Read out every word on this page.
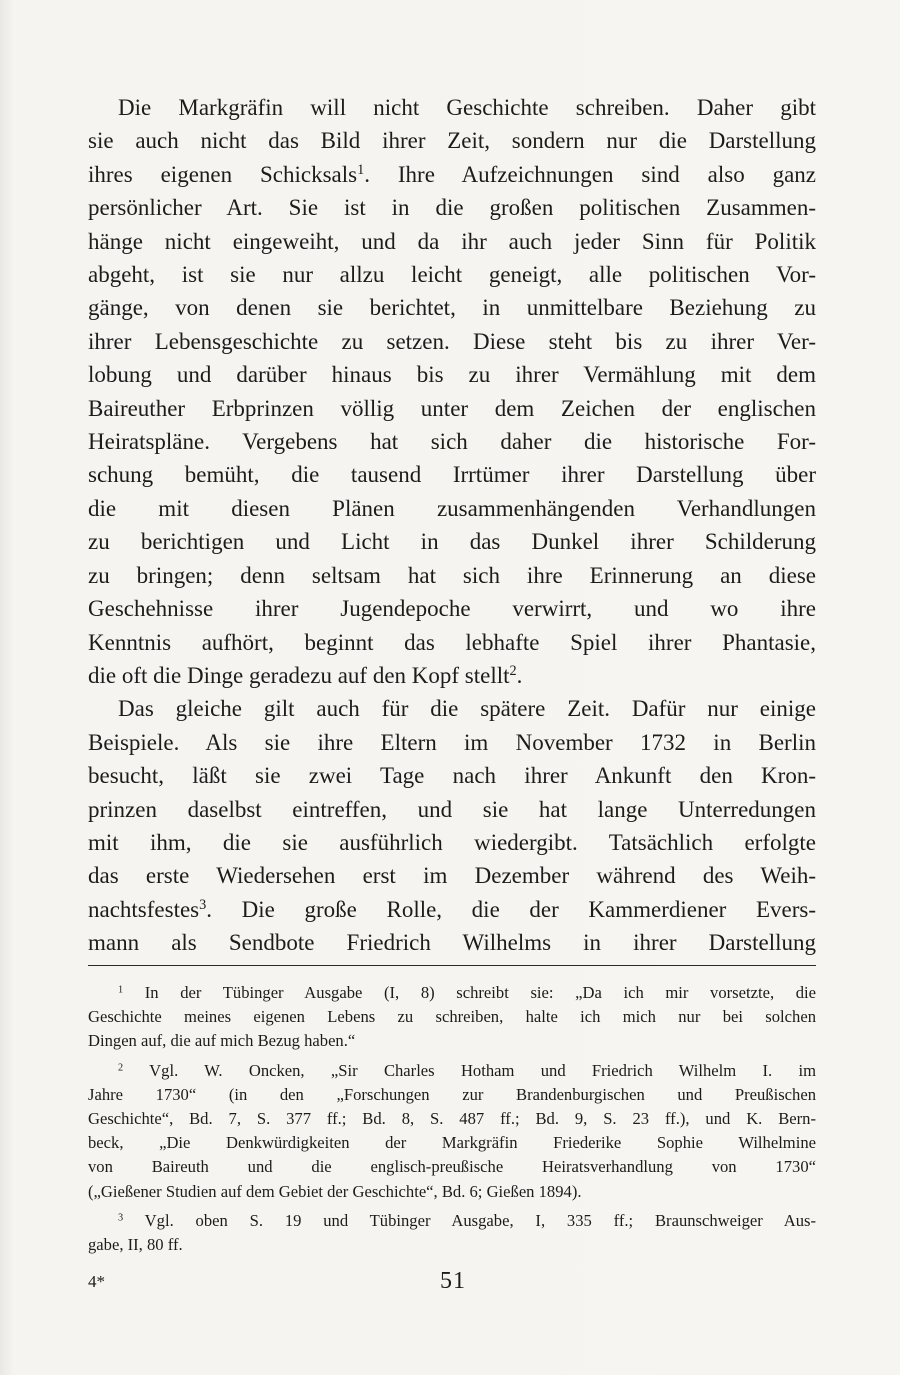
Die Markgräfin will nicht Geschichte schreiben. Daher gibt
sie auch nicht das Bild ihrer Zeit, sondern nur die Darstellung
ihres eigenen Schicksals$^1$. Ihre Aufzeichnungen sind also ganz
persönlicher Art. Sie ist in die großen politischen Zusammen-
hänge nicht eingeweiht, und da ihr auch jeder Sinn für Politik
abgeht, ist sie nur allzu leicht geneigt, alle politischen Vor-
gänge, von denen sie berichtet, in unmittelbare Beziehung zu
ihrer Lebensgeschichte zu setzen. Diese steht bis zu ihrer Ver-
lobung und darüber hinaus bis zu ihrer Vermählung mit dem
Baireuther Erbprinzen völlig unter dem Zeichen der englischen
Heiratspläne. Vergebens hat sich daher die historische For-
schung bemüht, die tausend Irrtümer ihrer Darstellung über
die mit diesen Plänen zusammenhängenden Verhandlungen
zu berichtigen und Licht in das Dunkel ihrer Schilderung
zu bringen; denn seltsam hat sich ihre Erinnerung an diese
Geschehnisse ihrer Jugendepoche verwirrt, und wo ihre
Kenntnis aufhört, beginnt das lebhafte Spiel ihrer Phantasie,
die oft die Dinge geradezu auf den Kopf stellt$^2$.
Das gleiche gilt auch für die spätere Zeit. Dafür nur einige
Beispiele. Als sie ihre Eltern im November 1732 in Berlin
besucht, läßt sie zwei Tage nach ihrer Ankunft den Kron-
prinzen daselbst eintreffen, und sie hat lange Unterredungen
mit ihm, die sie ausführlich wiedergibt. Tatsächlich erfolgte
das erste Wiedersehen erst im Dezember während des Weih-
nachtsfestes$^3$. Die große Rolle, die der Kammerdiener Evers-
mann als Sendbote Friedrich Wilhelms in ihrer Darstellung
$^1$ In der Tübinger Ausgabe (I, 8) schreibt sie: „Da ich mir vorsetzte, die
Geschichte meines eigenen Lebens zu schreiben, halte ich mich nur bei solchen
Dingen auf, die auf mich Bezug haben.“
$^2$ Vgl. W. Oncken, „Sir Charles Hotham und Friedrich Wilhelm I. im
Jahre 1730“ (in den „Forschungen zur Brandenburgischen und Preußischen
Geschichte“, Bd. 7, S. 377 ff.; Bd. 8, S. 487 ff.; Bd. 9, S. 23 ff.), und K. Bern-
beck, „Die Denkwürdigkeiten der Markgräfin Friederike Sophie Wilhelmine
von Baireuth und die englisch-preußische Heiratsverhandlung von 1730“
(„Gießener Studien auf dem Gebiet der Geschichte“, Bd. 6; Gießen 1894).
$^3$ Vgl. oben S. 19 und Tübinger Ausgabe, I, 335 ff.; Braunschweiger Aus-
gabe, II, 80 ff.
4*	51
